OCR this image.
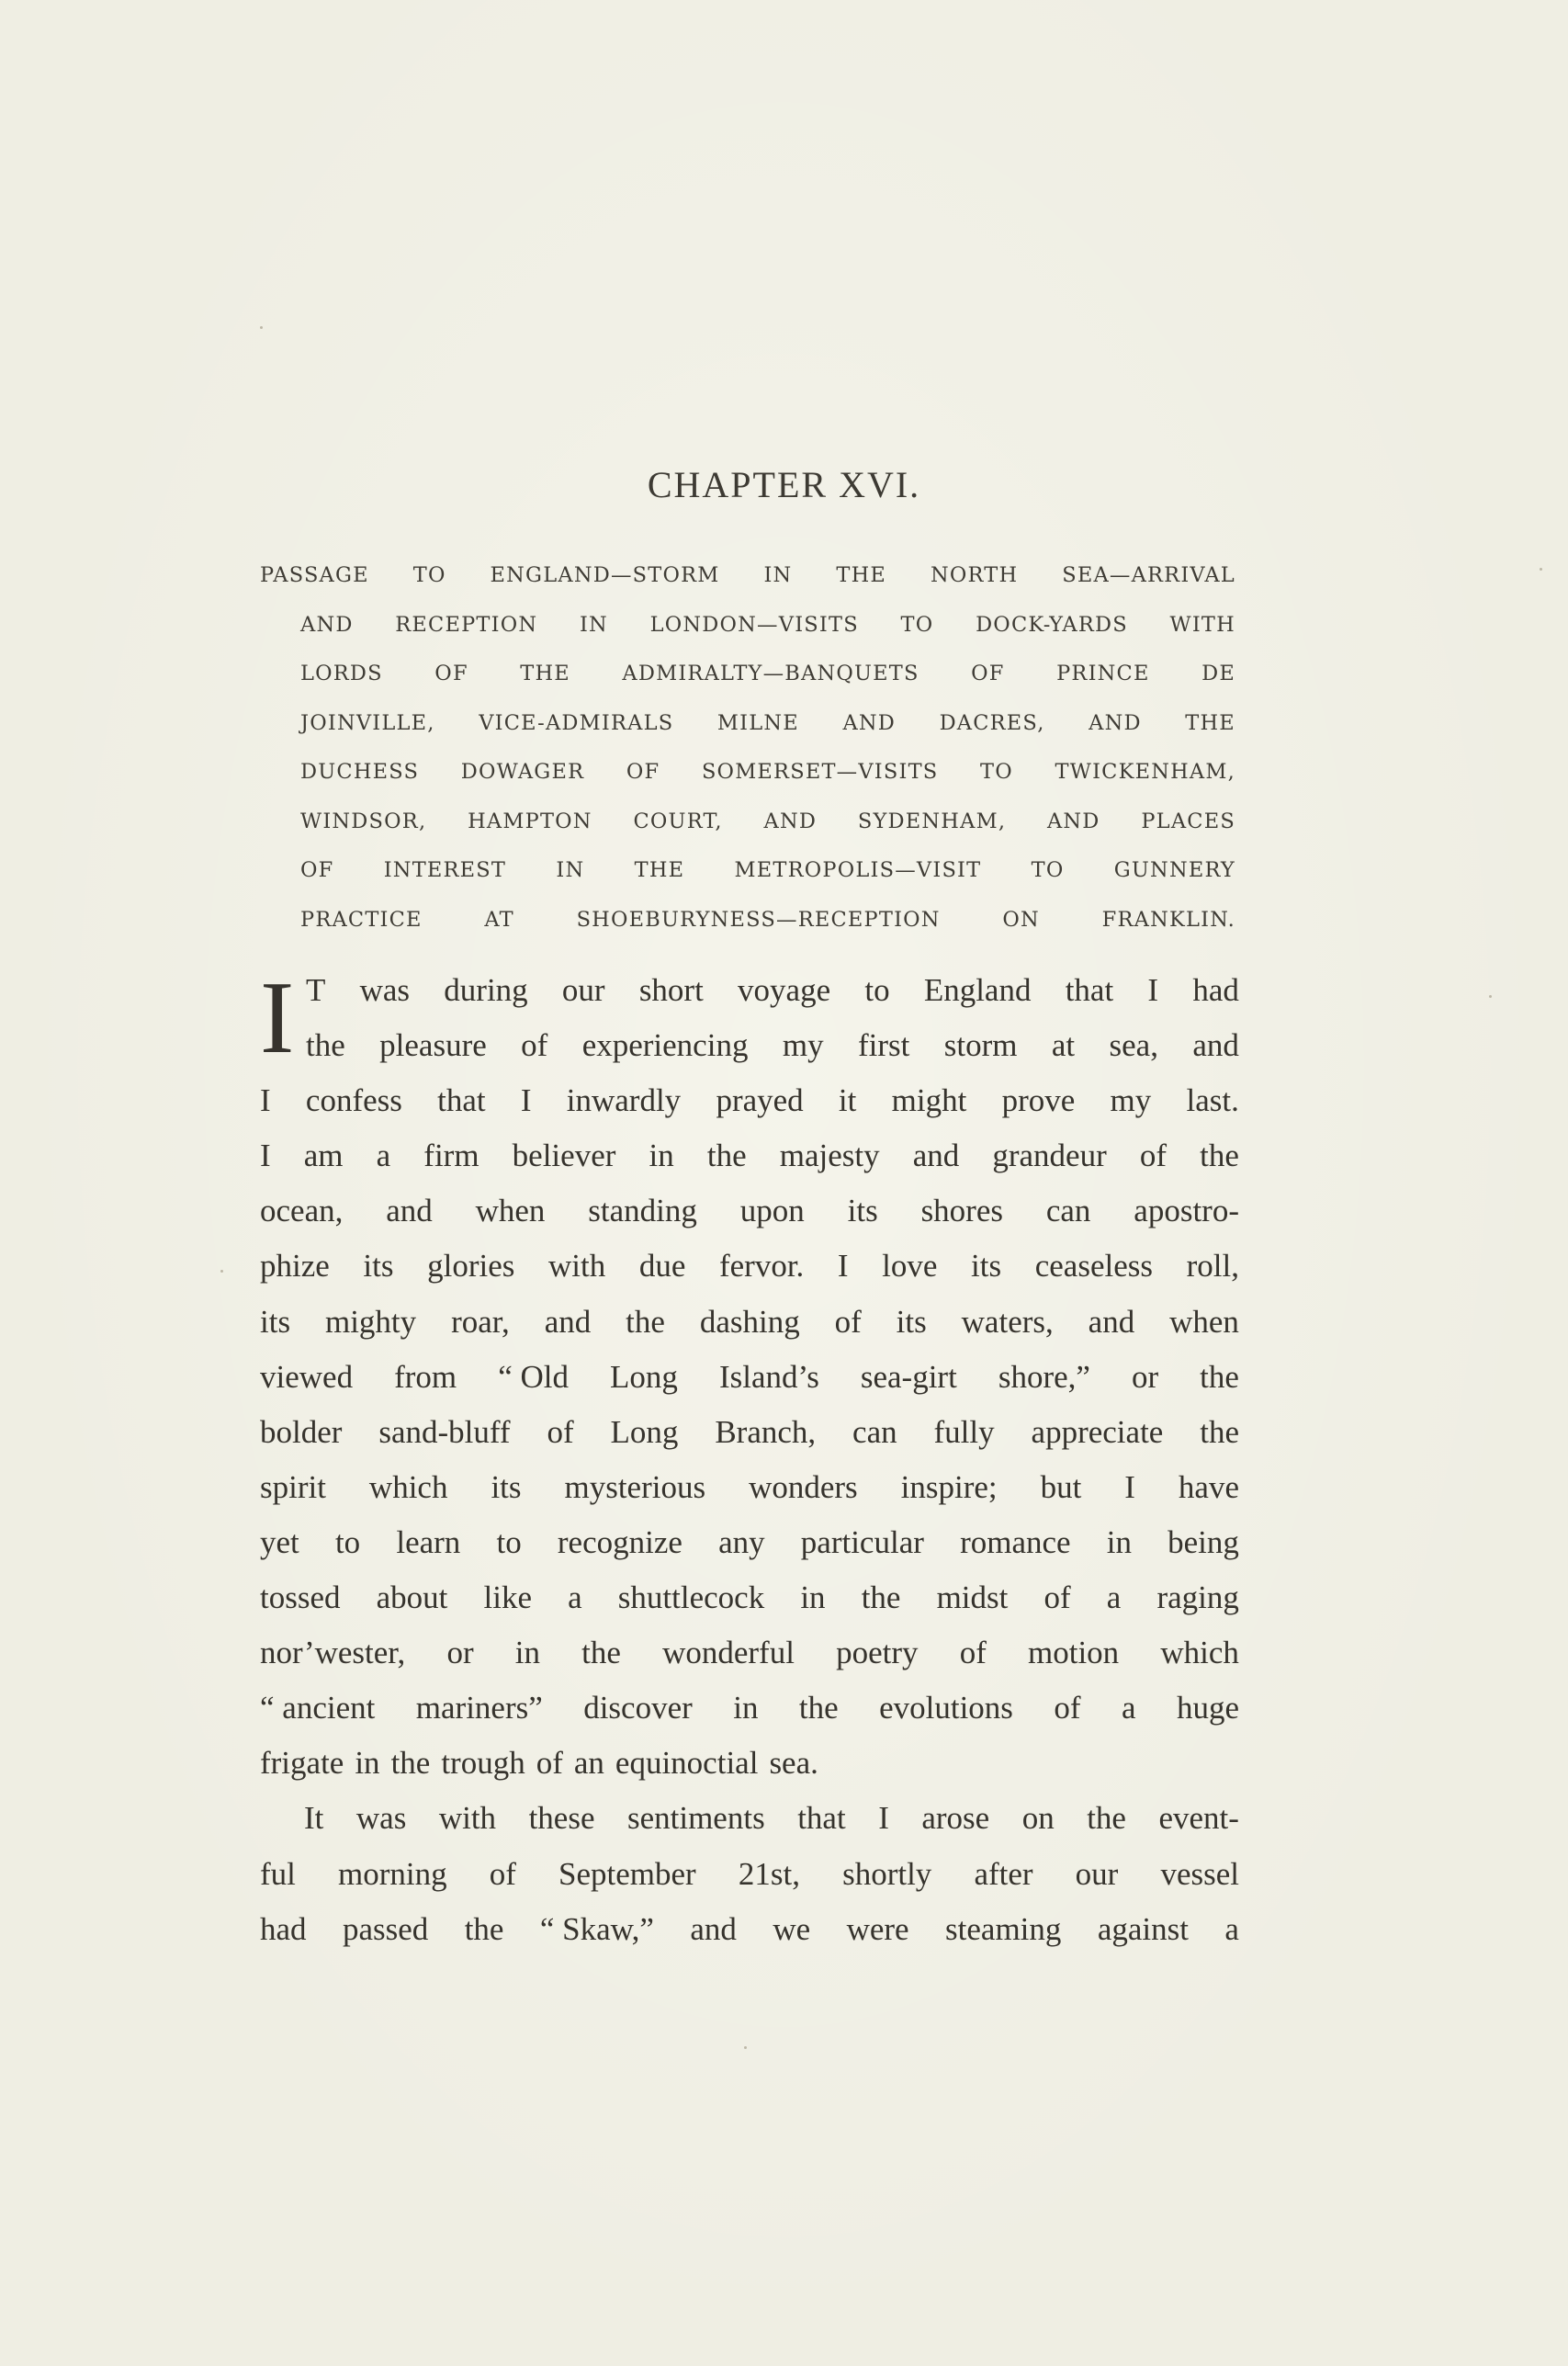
CHAPTER XVI.
PASSAGE TO ENGLAND—STORM IN THE NORTH SEA—ARRIVAL
AND RECEPTION IN LONDON—VISITS TO DOCK-YARDS WITH
LORDS	OF	THE	ADMIRALTY—BANQUETS	OF	PRINCE	DE
JOINVILLE, VICE-ADMIRALS MILNE AND DACRES, AND THE
DUCHESS DOWAGER OF SOMERSET—VISITS TO TWICKENHAM,
WINDSOR, HAMPTON COURT, AND SYDENHAM, AND PLACES
OF INTEREST IN THE METROPOLIS—VISIT TO GUNNERY
PRACTICE	AT	SHOEBURYNESS—RECEPTION	ON	FRANKLIN.
I T was during our short voyage to England that I had
the pleasure of experiencing my first storm at sea, and
I confess that I inwardly prayed it might prove my last.
I am a firm believer in the majesty and grandeur of the
ocean, and when standing upon its shores can apostro-
phize its glories with due fervor. I love its ceaseless roll,
its mighty roar, and the dashing of its waters, and when
viewed from “ Old Long Island’s sea-girt shore,” or the
bolder sand-bluff of Long Branch, can fully appreciate the
spirit which its mysterious wonders inspire; but I have
yet to learn to recognize any particular romance in being
tossed about like a shuttlecock in the midst of a raging
nor’wester, or in the wonderful poetry of motion which
“ ancient mariners” discover in the evolutions of a huge
frigate in the trough of an equinoctial sea.
It was with these sentiments that I arose on the event-
ful morning of September 21st, shortly after our vessel
had passed the “ Skaw,” and we were steaming against a
